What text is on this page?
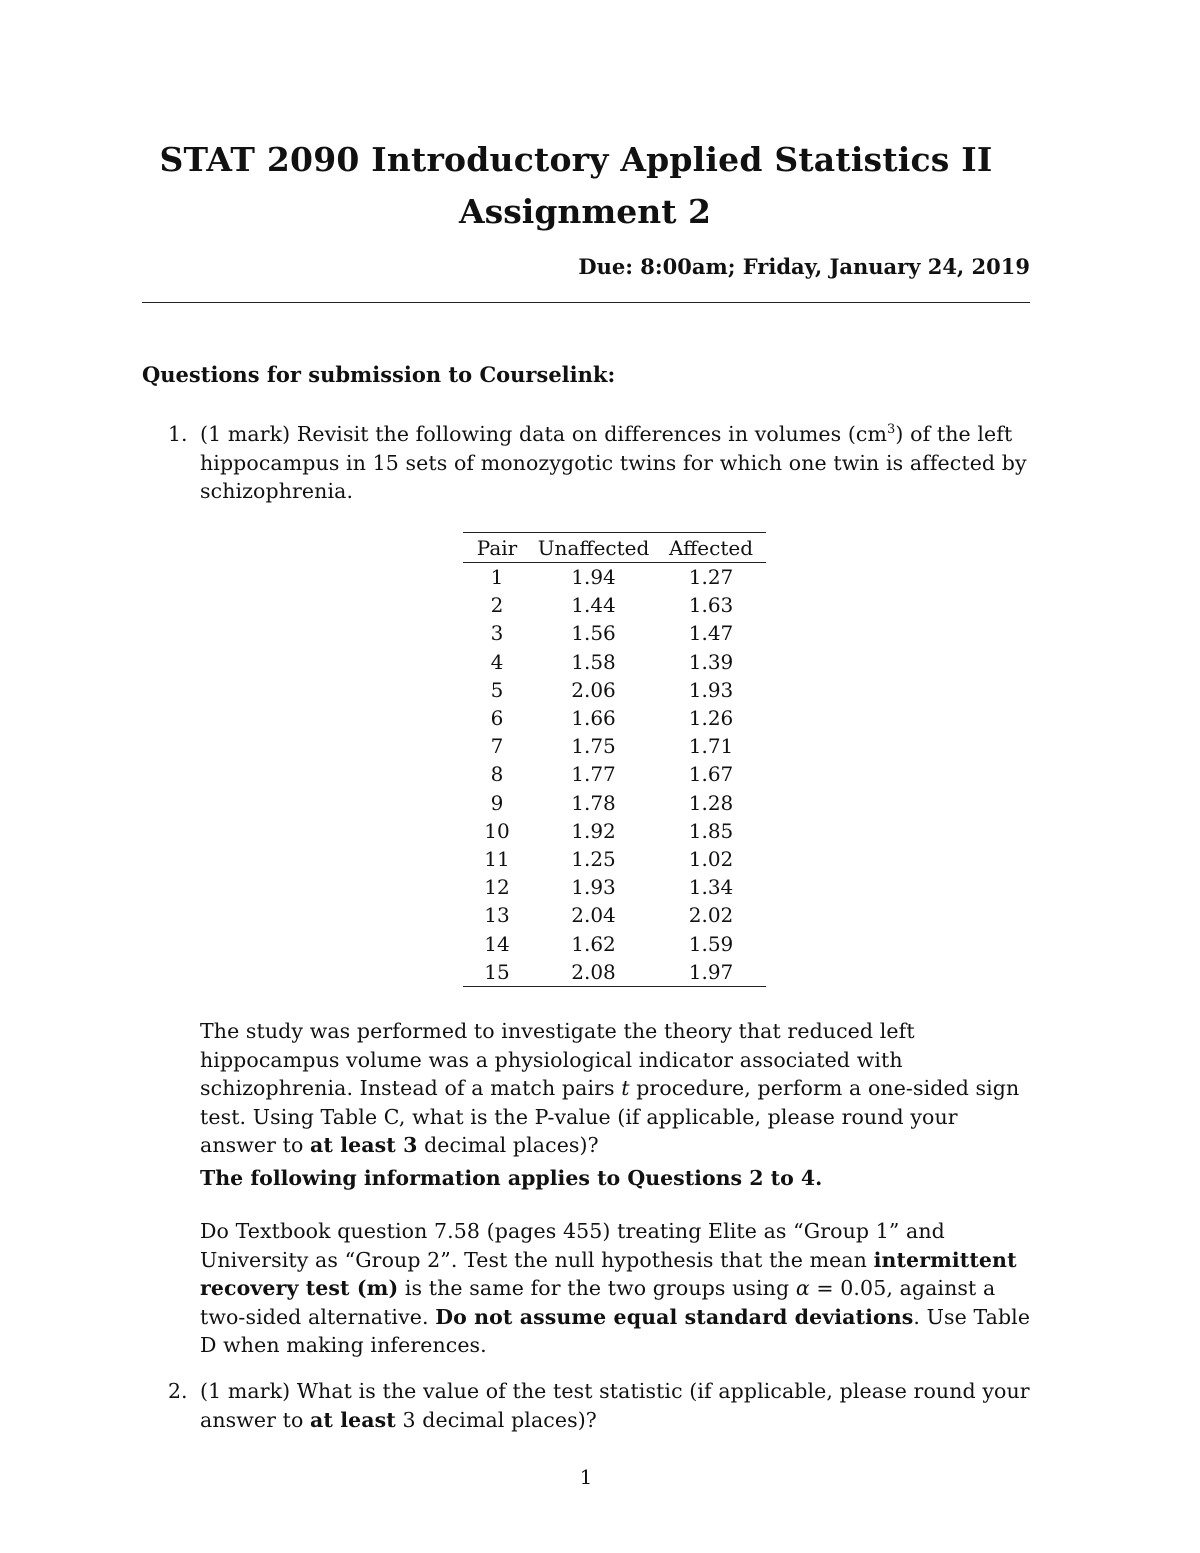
STAT 2090 Introductory Applied Statistics II
Assignment 2
Due: 8:00am; Friday, January 24, 2019
Questions for submission to Courselink:
1. (1 mark) Revisit the following data on differences in volumes $(cm^3)$ of the left hippocampus in 15 sets of monozygotic twins for which one twin is affected by schizophrenia.
Pair	Unaffected	Affected
1	1.94	1.27
2	1.44	1.63
3	1.56	1.47
4	1.58	1.39
5	2.06	1.93
6	1.66	1.26
7	1.75	1.71
8	1.77	1.67
9	1.78	1.28
10	1.92	1.85
11	1.25	1.02
12	1.93	1.34
13	2.04	2.02
14	1.62	1.59
15	2.08	1.97
The study was performed to investigate the theory that reduced left hippocampus volume was a physiological indicator associated with schizophrenia. Instead of a match pairs t procedure, perform a one-sided sign test. Using Table C, what is the P-value (if applicable, please round your answer to at least 3 decimal places)?
The following information applies to Questions 2 to 4.
Do Textbook question 7.58 (pages 455) treating Elite as “Group 1” and University as “Group 2”. Test the null hypothesis that the mean intermittent recovery test (m) is the same for the two groups using α = 0.05, against a two-sided alternative. Do not assume equal standard deviations. Use Table D when making inferences.
2. (1 mark) What is the value of the test statistic (if applicable, please round your answer to at least 3 decimal places)?
1
